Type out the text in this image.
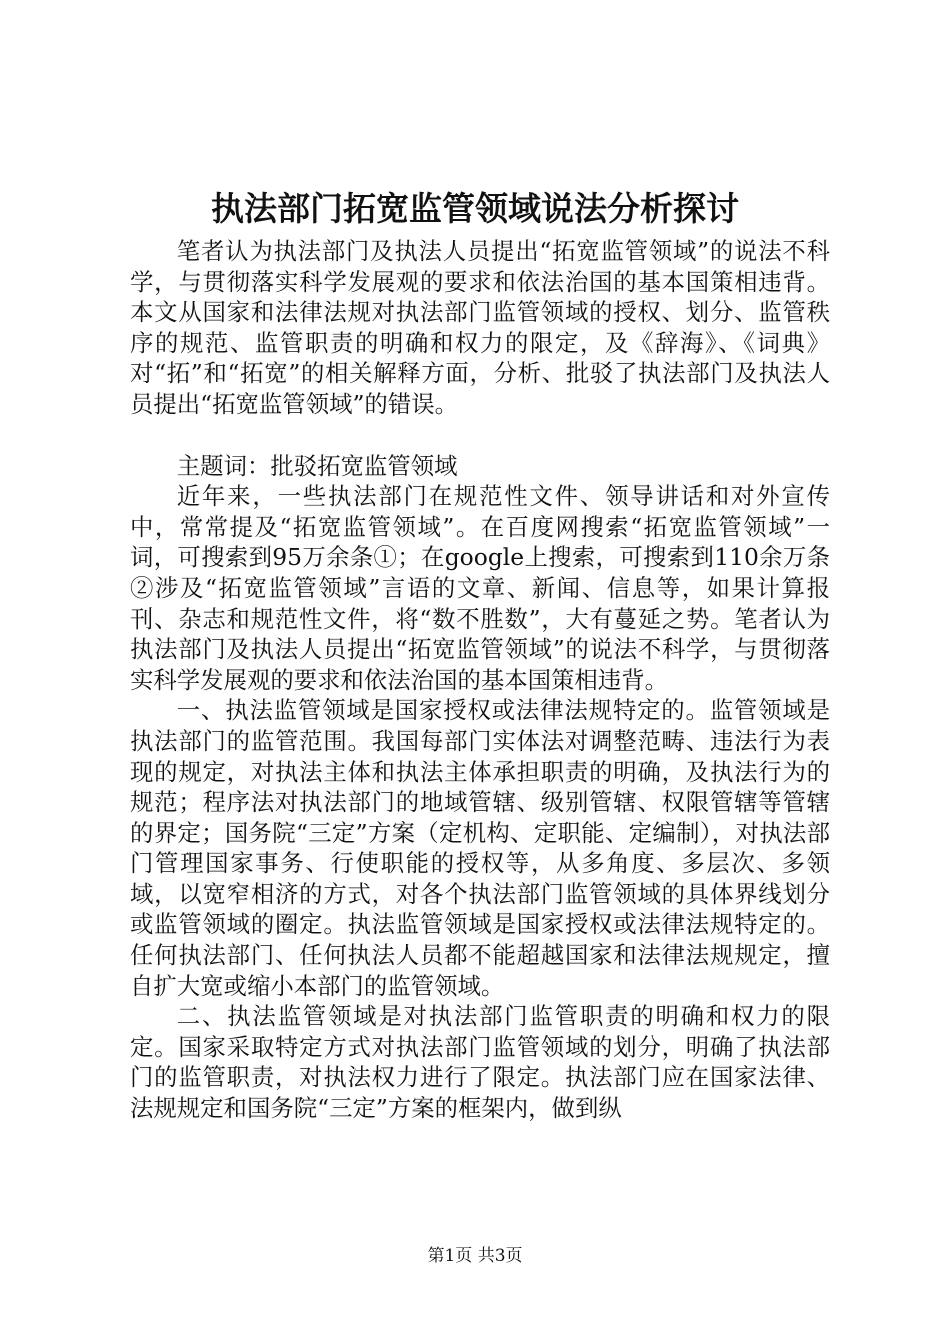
执法部门拓宽监管领域说法分析探讨

笔者认为执法部门及执法人员提出“拓宽监管领域”的说法不科学，与贯彻落实科学发展观的要求和依法治国的基本国策相违背。本文从国家和法律法规对执法部门监管领域的授权、划分、监管秩序的规范、监管职责的明确和权力的限定，及《辞海》、《词典》对“拓”和“拓宽”的相关解释方面，分析、批驳了执法部门及执法人员提出“拓宽监管领域”的错误。

主题词：批驳拓宽监管领域

近年来，一些执法部门在规范性文件、领导讲话和对外宣传中，常常提及“拓宽监管领域”。在百度网搜索“拓宽监管领域”一词，可搜索到95万余条①；在google上搜索，可搜索到110余万条②涉及“拓宽监管领域”言语的文章、新闻、信息等，如果计算报刊、杂志和规范性文件，将“数不胜数”，大有蔓延之势。笔者认为执法部门及执法人员提出“拓宽监管领域”的说法不科学，与贯彻落实科学发展观的要求和依法治国的基本国策相违背。

一、执法监管领域是国家授权或法律法规特定的。监管领域是执法部门的监管范围。我国每部门实体法对调整范畴、违法行为表现的规定，对执法主体和执法主体承担职责的明确，及执法行为的规范；程序法对执法部门的地域管辖、级别管辖、权限管辖等管辖的界定；国务院“三定”方案（定机构、定职能、定编制），对执法部门管理国家事务、行使职能的授权等，从多角度、多层次、多领域，以宽窄相济的方式，对各个执法部门监管领域的具体界线划分或监管领域的圈定。执法监管领域是国家授权或法律法规特定的。任何执法部门、任何执法人员都不能超越国家和法律法规规定，擅自扩大宽或缩小本部门的监管领域。

二、执法监管领域是对执法部门监管职责的明确和权力的限定。国家采取特定方式对执法部门监管领域的划分，明确了执法部门的监管职责，对执法权力进行了限定。执法部门应在国家法律、法规规定和国务院“三定”方案的框架内，做到纵

第1页 共3页
